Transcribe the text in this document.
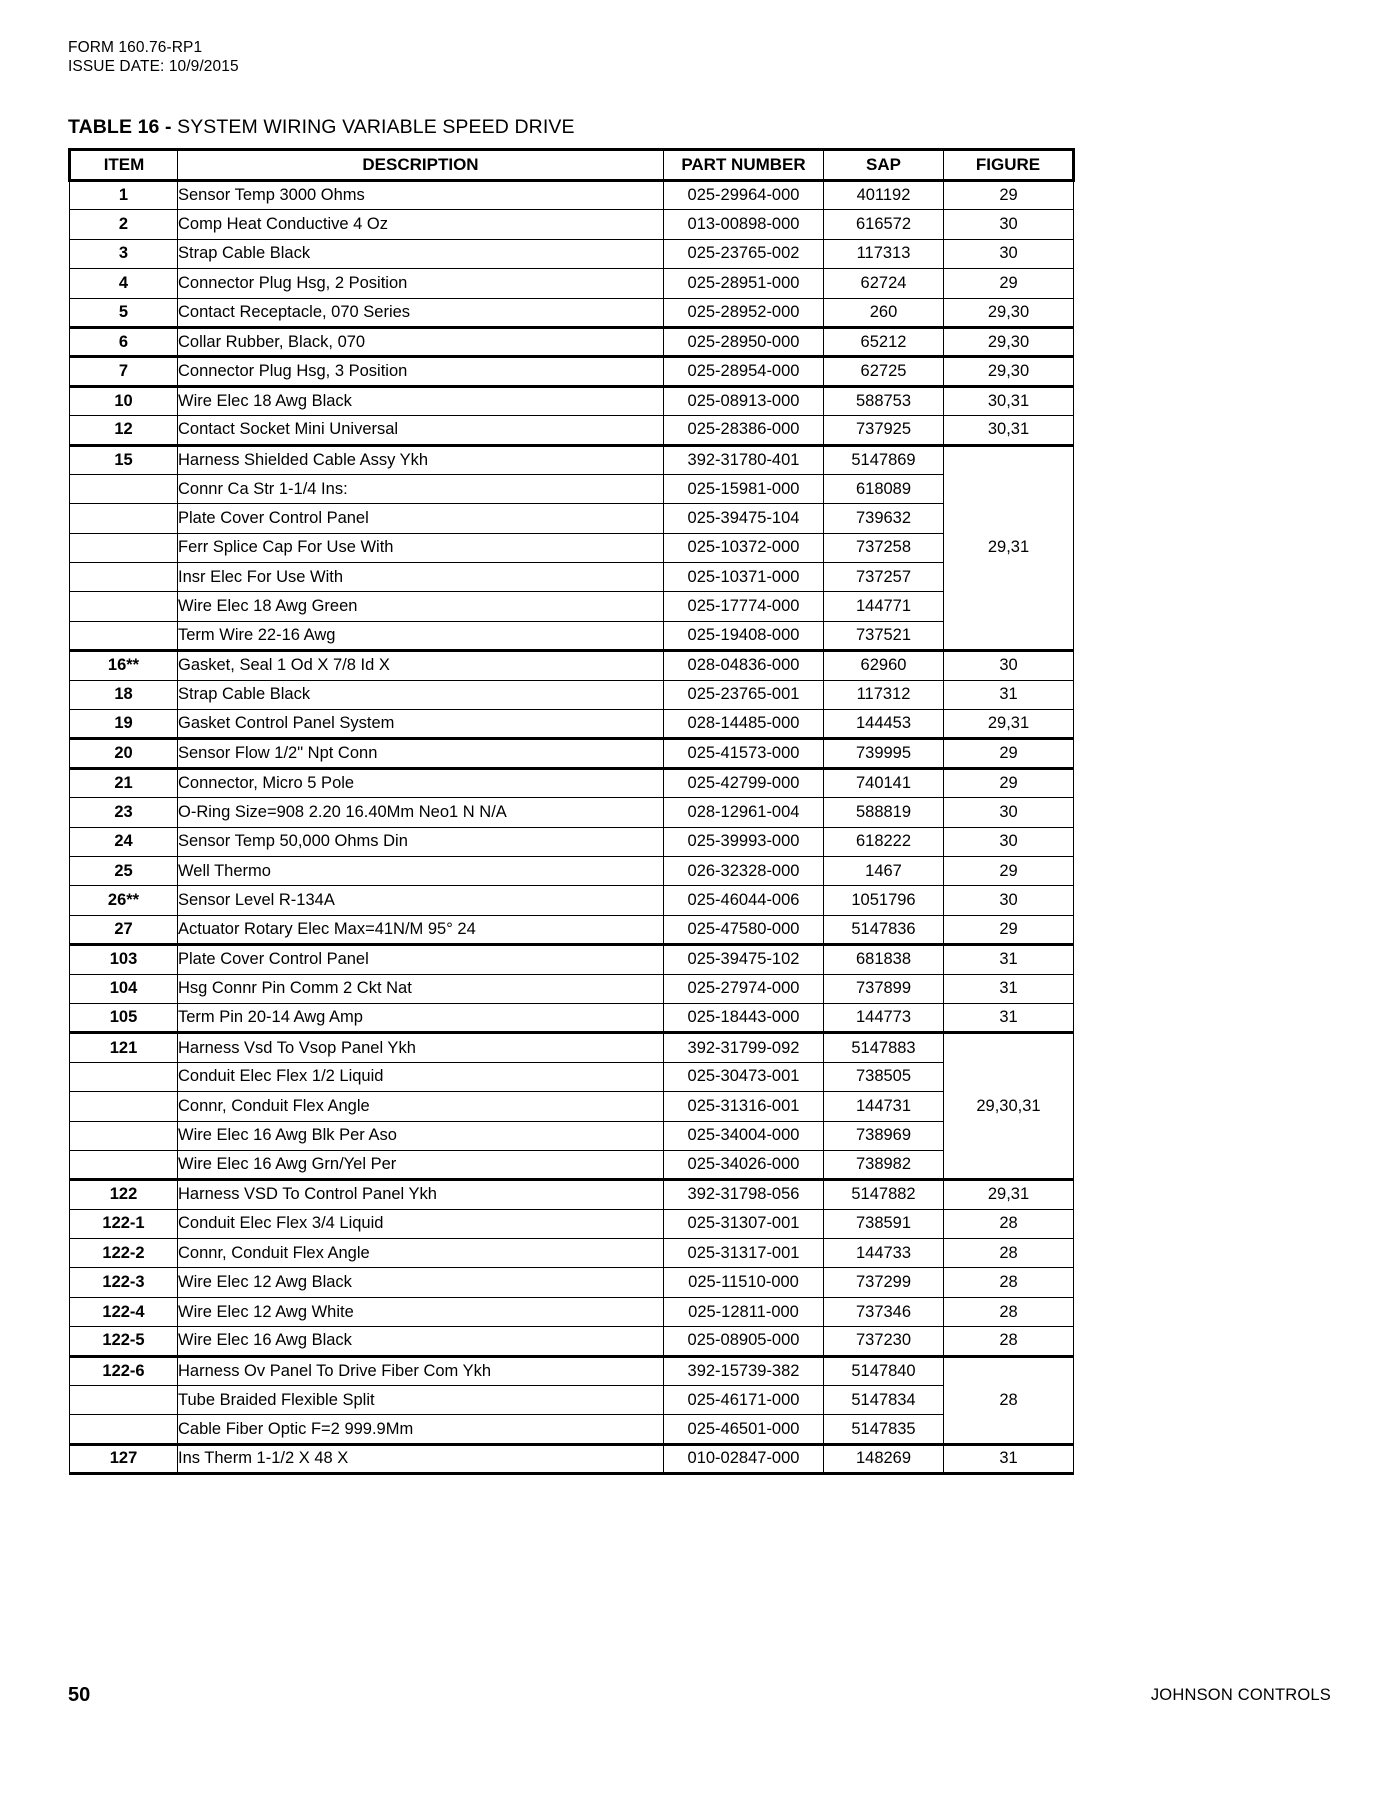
FORM 160.76-RP1
ISSUE DATE: 10/9/2015
TABLE 16 - SYSTEM WIRING VARIABLE SPEED DRIVE
ITEM	DESCRIPTION	PART NUMBER	SAP	FIGURE
1	Sensor Temp 3000 Ohms	025-29964-000	401192	29
2	Comp Heat Conductive 4 Oz	013-00898-000	616572	30
3	Strap Cable Black	025-23765-002	117313	30
4	Connector Plug Hsg, 2 Position	025-28951-000	62724	29
5	Contact Receptacle, 070 Series	025-28952-000	260	29,30
6	Collar Rubber, Black, 070	025-28950-000	65212	29,30
7	Connector Plug Hsg, 3 Position	025-28954-000	62725	29,30
10	Wire Elec 18 Awg Black	025-08913-000	588753	30,31
12	Contact Socket Mini Universal	025-28386-000	737925	30,31
15	Harness Shielded Cable Assy Ykh	392-31780-401	5147869	29,31
	Connr Ca Str 1-1/4 Ins:	025-15981-000	618089	
	Plate Cover Control Panel	025-39475-104	739632	
	Ferr Splice Cap For Use With	025-10372-000	737258	
	Insr Elec For Use With	025-10371-000	737257	
	Wire Elec 18 Awg Green	025-17774-000	144771	
	Term Wire 22-16 Awg	025-19408-000	737521	
16**	Gasket, Seal 1 Od X 7/8 Id X	028-04836-000	62960	30
18	Strap Cable Black	025-23765-001	117312	31
19	Gasket Control Panel System	028-14485-000	144453	29,31
20	Sensor Flow 1/2" Npt Conn	025-41573-000	739995	29
21	Connector, Micro 5 Pole	025-42799-000	740141	29
23	O-Ring Size=908 2.20 16.40Mm Neo1 N N/A	028-12961-004	588819	30
24	Sensor Temp 50,000 Ohms Din	025-39993-000	618222	30
25	Well Thermo	026-32328-000	1467	29
26**	Sensor Level R-134A	025-46044-006	1051796	30
27	Actuator Rotary Elec Max=41N/M 95° 24	025-47580-000	5147836	29
103	Plate Cover Control Panel	025-39475-102	681838	31
104	Hsg Connr Pin Comm 2 Ckt Nat	025-27974-000	737899	31
105	Term Pin 20-14 Awg Amp	025-18443-000	144773	31
121	Harness Vsd To Vsop Panel Ykh	392-31799-092	5147883	29,30,31
	Conduit Elec Flex 1/2 Liquid	025-30473-001	738505	
	Connr, Conduit Flex Angle	025-31316-001	144731	
	Wire Elec 16 Awg Blk Per Aso	025-34004-000	738969	
	Wire Elec 16 Awg Grn/Yel Per	025-34026-000	738982	
122	Harness VSD To Control Panel Ykh	392-31798-056	5147882	29,31
122-1	Conduit Elec Flex 3/4 Liquid	025-31307-001	738591	28
122-2	Connr, Conduit Flex Angle	025-31317-001	144733	28
122-3	Wire Elec 12 Awg Black	025-11510-000	737299	28
122-4	Wire Elec 12 Awg White	025-12811-000	737346	28
122-5	Wire Elec 16 Awg Black	025-08905-000	737230	28
122-6	Harness Ov Panel To Drive Fiber Com Ykh	392-15739-382	5147840	28
	Tube Braided Flexible Split	025-46171-000	5147834	
	Cable Fiber Optic F=2 999.9Mm	025-46501-000	5147835	
127	Ins Therm 1-1/2 X 48 X	010-02847-000	148269	31
50	JOHNSON CONTROLS
